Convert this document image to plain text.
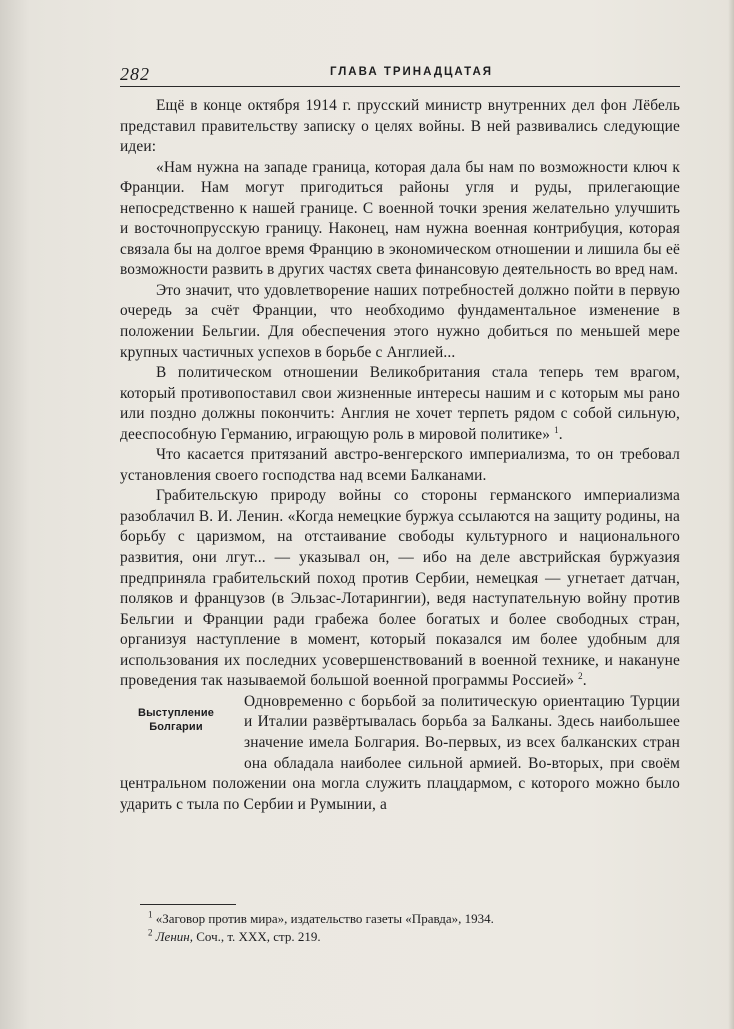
282	ГЛАВА ТРИНАДЦАТАЯ

Ещё в конце октября 1914 г. прусский министр внутренних дел фон Лёбель представил правительству записку о целях войны. В ней развивались следующие идеи:

«Нам нужна на западе граница, которая дала бы нам по возможности ключ к Франции. Нам могут пригодиться районы угля и руды, прилегающие непосредственно к нашей границе. С военной точки зрения желательно улучшить и восточнопрусскую границу. Наконец, нам нужна военная контрибуция, которая связала бы на долгое время Францию в экономическом отношении и лишила бы её возможности развить в других частях света финансовую деятельность во вред нам.

Это значит, что удовлетворение наших потребностей должно пойти в первую очередь за счёт Франции, что необходимо фундаментальное изменение в положении Бельгии. Для обеспечения этого нужно добиться по меньшей мере крупных частичных успехов в борьбе с Англией...

В политическом отношении Великобритания стала теперь тем врагом, который противопоставил свои жизненные интересы нашим и с которым мы рано или поздно должны покончить: Англия не хочет терпеть рядом с собой сильную, дееспособную Германию, играющую роль в мировой политике» $^1$.

Что касается притязаний австро-венгерского империализма, то он требовал установления своего господства над всеми Балканами.

Грабительскую природу войны со стороны германского империализма разоблачил В. И. Ленин. «Когда немецкие буржуа ссылаются на защиту родины, на борьбу с царизмом, на отстаивание свободы культурного и национального развития, они лгут... — указывал он, — ибо на деле австрийская буржуазия предприняла грабительский поход против Сербии, немецкая — угнетает датчан, поляков и французов (в Эльзас-Лотарингии), ведя наступательную войну против Бельгии и Франции ради грабежа более богатых и более свободных стран, организуя наступление в момент, который показался им более удобным для использования их последних усовершенствований в военной технике, и накануне проведения так называемой большой военной программы Россией» $^2$.

Выступление
Болгарии

Одновременно с борьбой за политическую ориентацию Турции и Италии развёртывалась борьба за Балканы. Здесь наибольшее значение имела Болгария. Во-первых, из всех балканских стран она обладала наиболее сильной армией. Во-вторых, при своём центральном положении она могла служить плацдармом, с которого можно было ударить с тыла по Сербии и Румынии, а

$^1$ «Заговор против мира», издательство газеты «Правда», 1934.
$^2$ Ленин, Соч., т. XXX, стр. 219.
